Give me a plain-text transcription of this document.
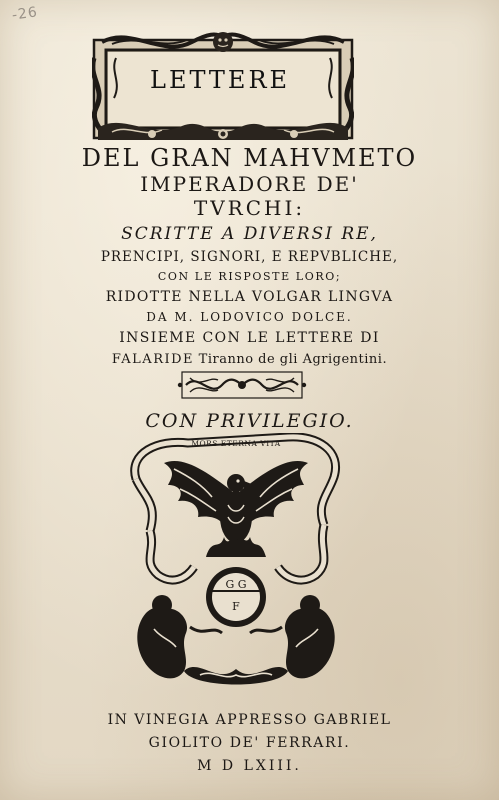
-26
LETTERE
DEL GRAN MAHVMETO
IMPERADORE DE'
TVRCHI:
SCRITTE A DIVERSI RE,
PRENCIPI, SIGNORI, E REPVBLICHE,
CON LE RISPOSTE LORO;
RIDOTTE NELLA VOLGAR LINGVA
DA M. LODOVICO DOLCE.
INSIEME CON LE LETTERE DI
FALARIDE Tiranno de gli Agrigentini.
CON PRIVILEGIO.
MORS ETERNA VITA
G G
F
IN VINEGIA APPRESSO GABRIEL
GIOLITO DE' FERRARI.
M D LXIII.
